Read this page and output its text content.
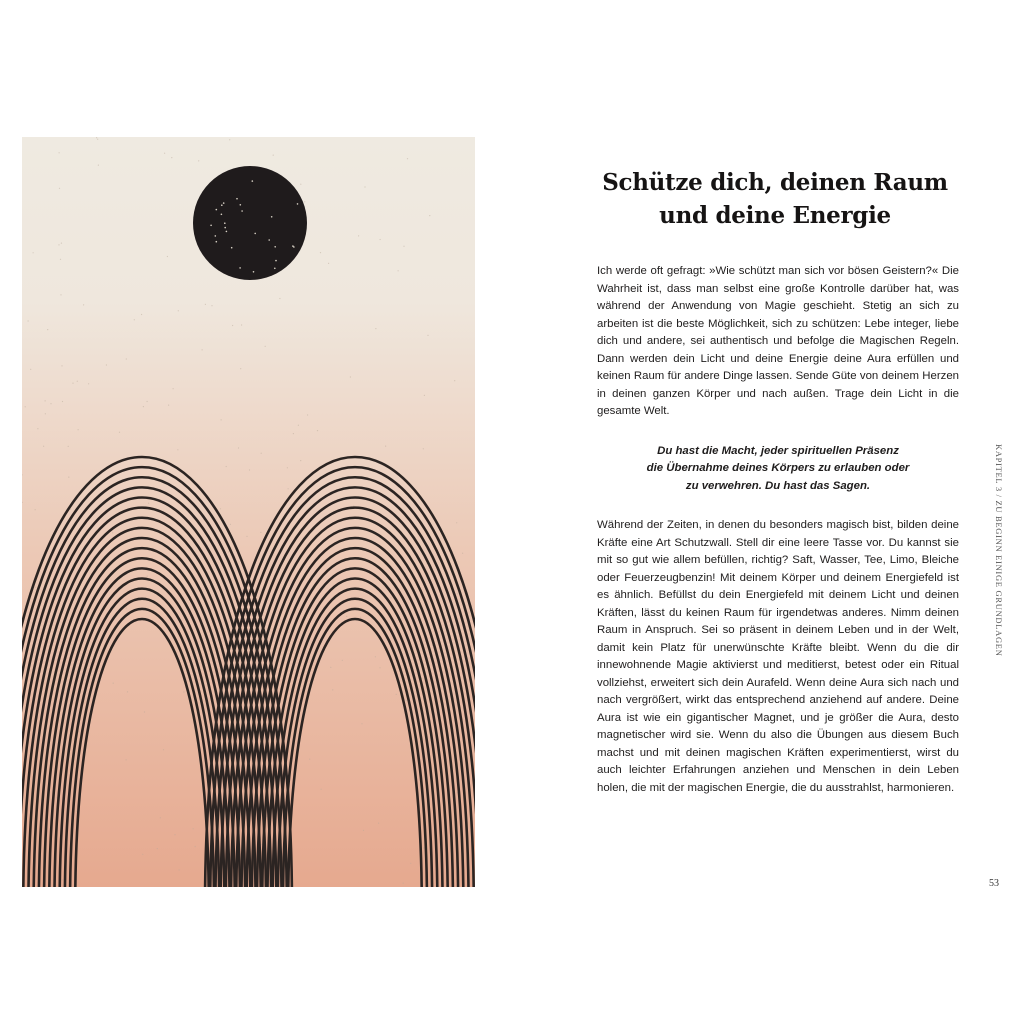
Schütze dich, deinen Raum
und deine Energie

Ich werde oft gefragt: »Wie schützt man sich vor bösen Geistern?« Die Wahrheit ist, dass man selbst eine große Kontrolle darüber hat, was während der Anwendung von Magie geschieht. Stetig an sich zu arbeiten ist die beste Möglichkeit, sich zu schützen: Lebe integer, liebe dich und andere, sei authentisch und befolge die Magischen Regeln. Dann werden dein Licht und deine Energie deine Aura erfüllen und keinen Raum für andere Dinge lassen. Sende Güte von deinem Herzen in deinen ganzen Körper und nach außen. Trage dein Licht in die gesamte Welt.

Du hast die Macht, jeder spirituellen Präsenz
die Übernahme deines Körpers zu erlauben oder
zu verwehren. Du hast das Sagen.

Während der Zeiten, in denen du besonders magisch bist, bilden deine Kräfte eine Art Schutzwall. Stell dir eine leere Tasse vor. Du kannst sie mit so gut wie allem befüllen, richtig? Saft, Wasser, Tee, Limo, Bleiche oder Feuerzeugbenzin! Mit deinem Körper und deinem Energiefeld ist es ähnlich. Befüllst du dein Energiefeld mit deinem Licht und deinen Kräften, lässt du keinen Raum für irgendetwas anderes. Nimm deinen Raum in Anspruch. Sei so präsent in deinem Leben und in der Welt, damit kein Platz für unerwünschte Kräfte bleibt. Wenn du die dir innewohnende Magie aktivierst und meditierst, betest oder ein Ritual vollziehst, erweitert sich dein Aurafeld. Wenn deine Aura sich nach und nach vergrößert, wirkt das entsprechend anziehend auf andere. Deine Aura ist wie ein gigantischer Magnet, und je größer die Aura, desto magnetischer wird sie. Wenn du also die Übungen aus diesem Buch machst und mit deinen magischen Kräften experimentierst, wirst du auch leichter Erfahrungen anziehen und Menschen in dein Leben holen, die mit der magischen Energie, die du ausstrahlst, harmonieren.

KAPITEL 3 / ZU BEGINN EINIGE GRUNDLAGEN
53
